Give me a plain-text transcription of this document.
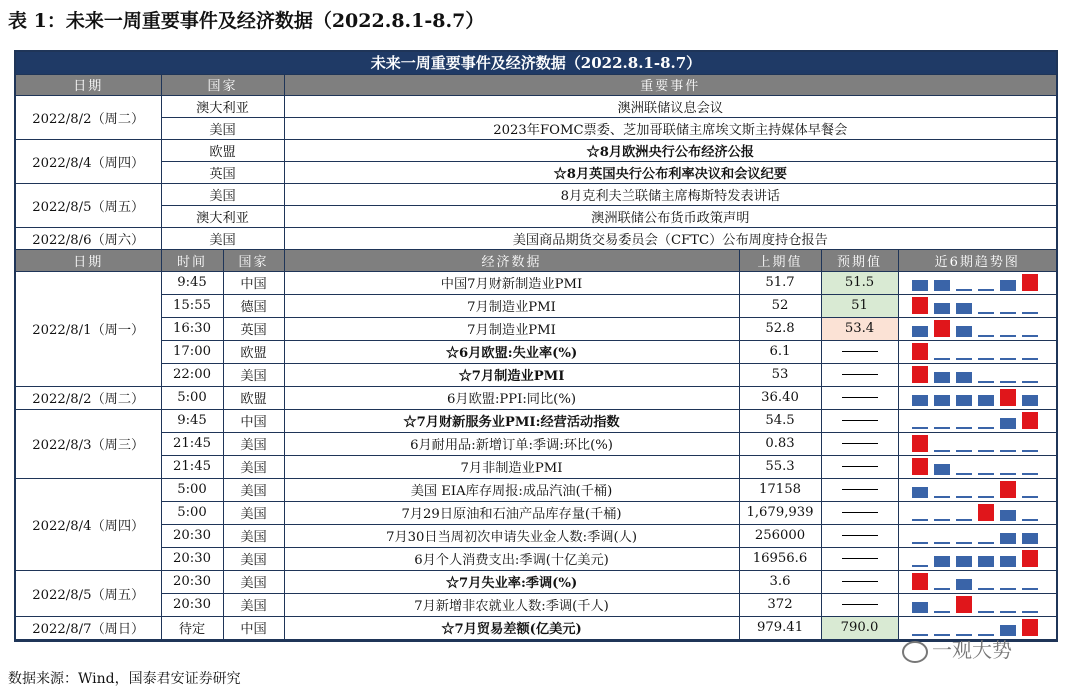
表 1：未来一周重要事件及经济数据（2022.8.1-8.7）
未来一周重要事件及经济数据（2022.8.1-8.7）
日期	国家		重要事件			
2022/8/2（周二）	澳大利亚		澳洲联储议息会议			
	美国		2023年FOMC票委、芝加哥联储主席埃文斯主持媒体早餐会			
2022/8/4（周四）	欧盟		☆8月欧洲央行公布经济公报			
	英国		☆8月英国央行公布利率决议和会议纪要			
2022/8/5（周五）	美国		8月克利夫兰联储主席梅斯特发表讲话			
	澳大利亚		澳洲联储公布货币政策声明			
2022/8/6（周六）	美国		美国商品期货交易委员会（CFTC）公布周度持仓报告			
日期	时间	国家	经济数据	上期值	预期值	近6期趋势图
2022/8/1（周一）	9:45	中国	中国7月财新制造业PMI	51.7	51.5	

	15:55	德国	7月制造业PMI	52	51	

	16:30	英国	7月制造业PMI	52.8	53.4	

	17:00	欧盟	☆6月欧盟:失业率(%)	6.1		

	22:00	美国	☆7月制造业PMI	53		

2022/8/2（周二）	5:00	欧盟	6月欧盟:PPI:同比(%)	36.40		

2022/8/3（周三）	9:45	中国	☆7月财新服务业PMI:经营活动指数	54.5		

	21:45	美国	6月耐用品:新增订单:季调:环比(%)	0.83		

	21:45	美国	7月非制造业PMI	55.3		

2022/8/4（周四）	5:00	美国	美国 EIA库存周报:成品汽油(千桶)	17158		

	5:00	美国	7月29日原油和石油产品库存量(千桶)	1,679,939		

	20:30	美国	7月30日当周初次申请失业金人数:季调(人)	256000		

	20:30	美国	6月个人消费支出:季调(十亿美元)	16956.6		

2022/8/5（周五）	20:30	美国	☆7月失业率:季调(%)	3.6		

	20:30	美国	7月新增非农就业人数:季调(千人)	372		

2022/8/7（周日）	待定	中国	☆7月贸易差额(亿美元)	979.41	790.0	
数据来源：Wind，国泰君安证券研究
一观大势
